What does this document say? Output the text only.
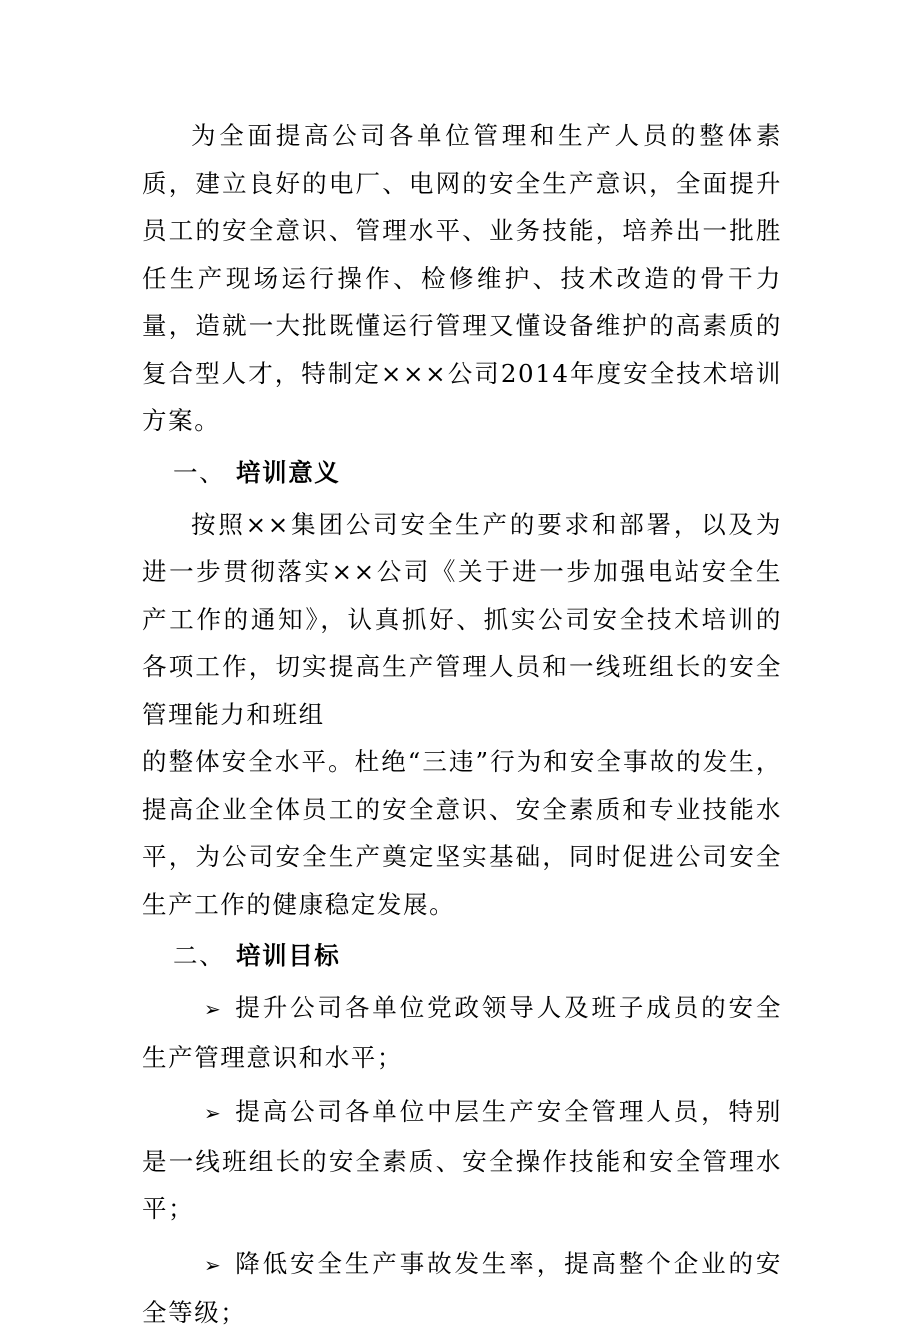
为全面提高公司各单位管理和生产人员的整体素质，建立良好的电厂、电网的安全生产意识，全面提升员工的安全意识、管理水平、业务技能，培养出一批胜任生产现场运行操作、检修维护、技术改造的骨干力量，造就一大批既懂运行管理又懂设备维护的高素质的复合型人才，特制定×××公司2014年度安全技术培训方案。

一、 培训意义

按照××集团公司安全生产的要求和部署，以及为进一步贯彻落实××公司《关于进一步加强电站安全生产工作的通知》，认真抓好、抓实公司安全技术培训的各项工作，切实提高生产管理人员和一线班组长的安全管理能力和班组
的整体安全水平。杜绝“三违”行为和安全事故的发生，提高企业全体员工的安全意识、安全素质和专业技能水平，为公司安全生产奠定坚实基础，同时促进公司安全生产工作的健康稳定发展。

二、 培训目标

➢ 提升公司各单位党政领导人及班子成员的安全生产管理意识和水平；

➢ 提高公司各单位中层生产安全管理人员，特别是一线班组长的安全素质、安全操作技能和安全管理水平；

➢ 降低安全生产事故发生率，提高整个企业的安全等级；
